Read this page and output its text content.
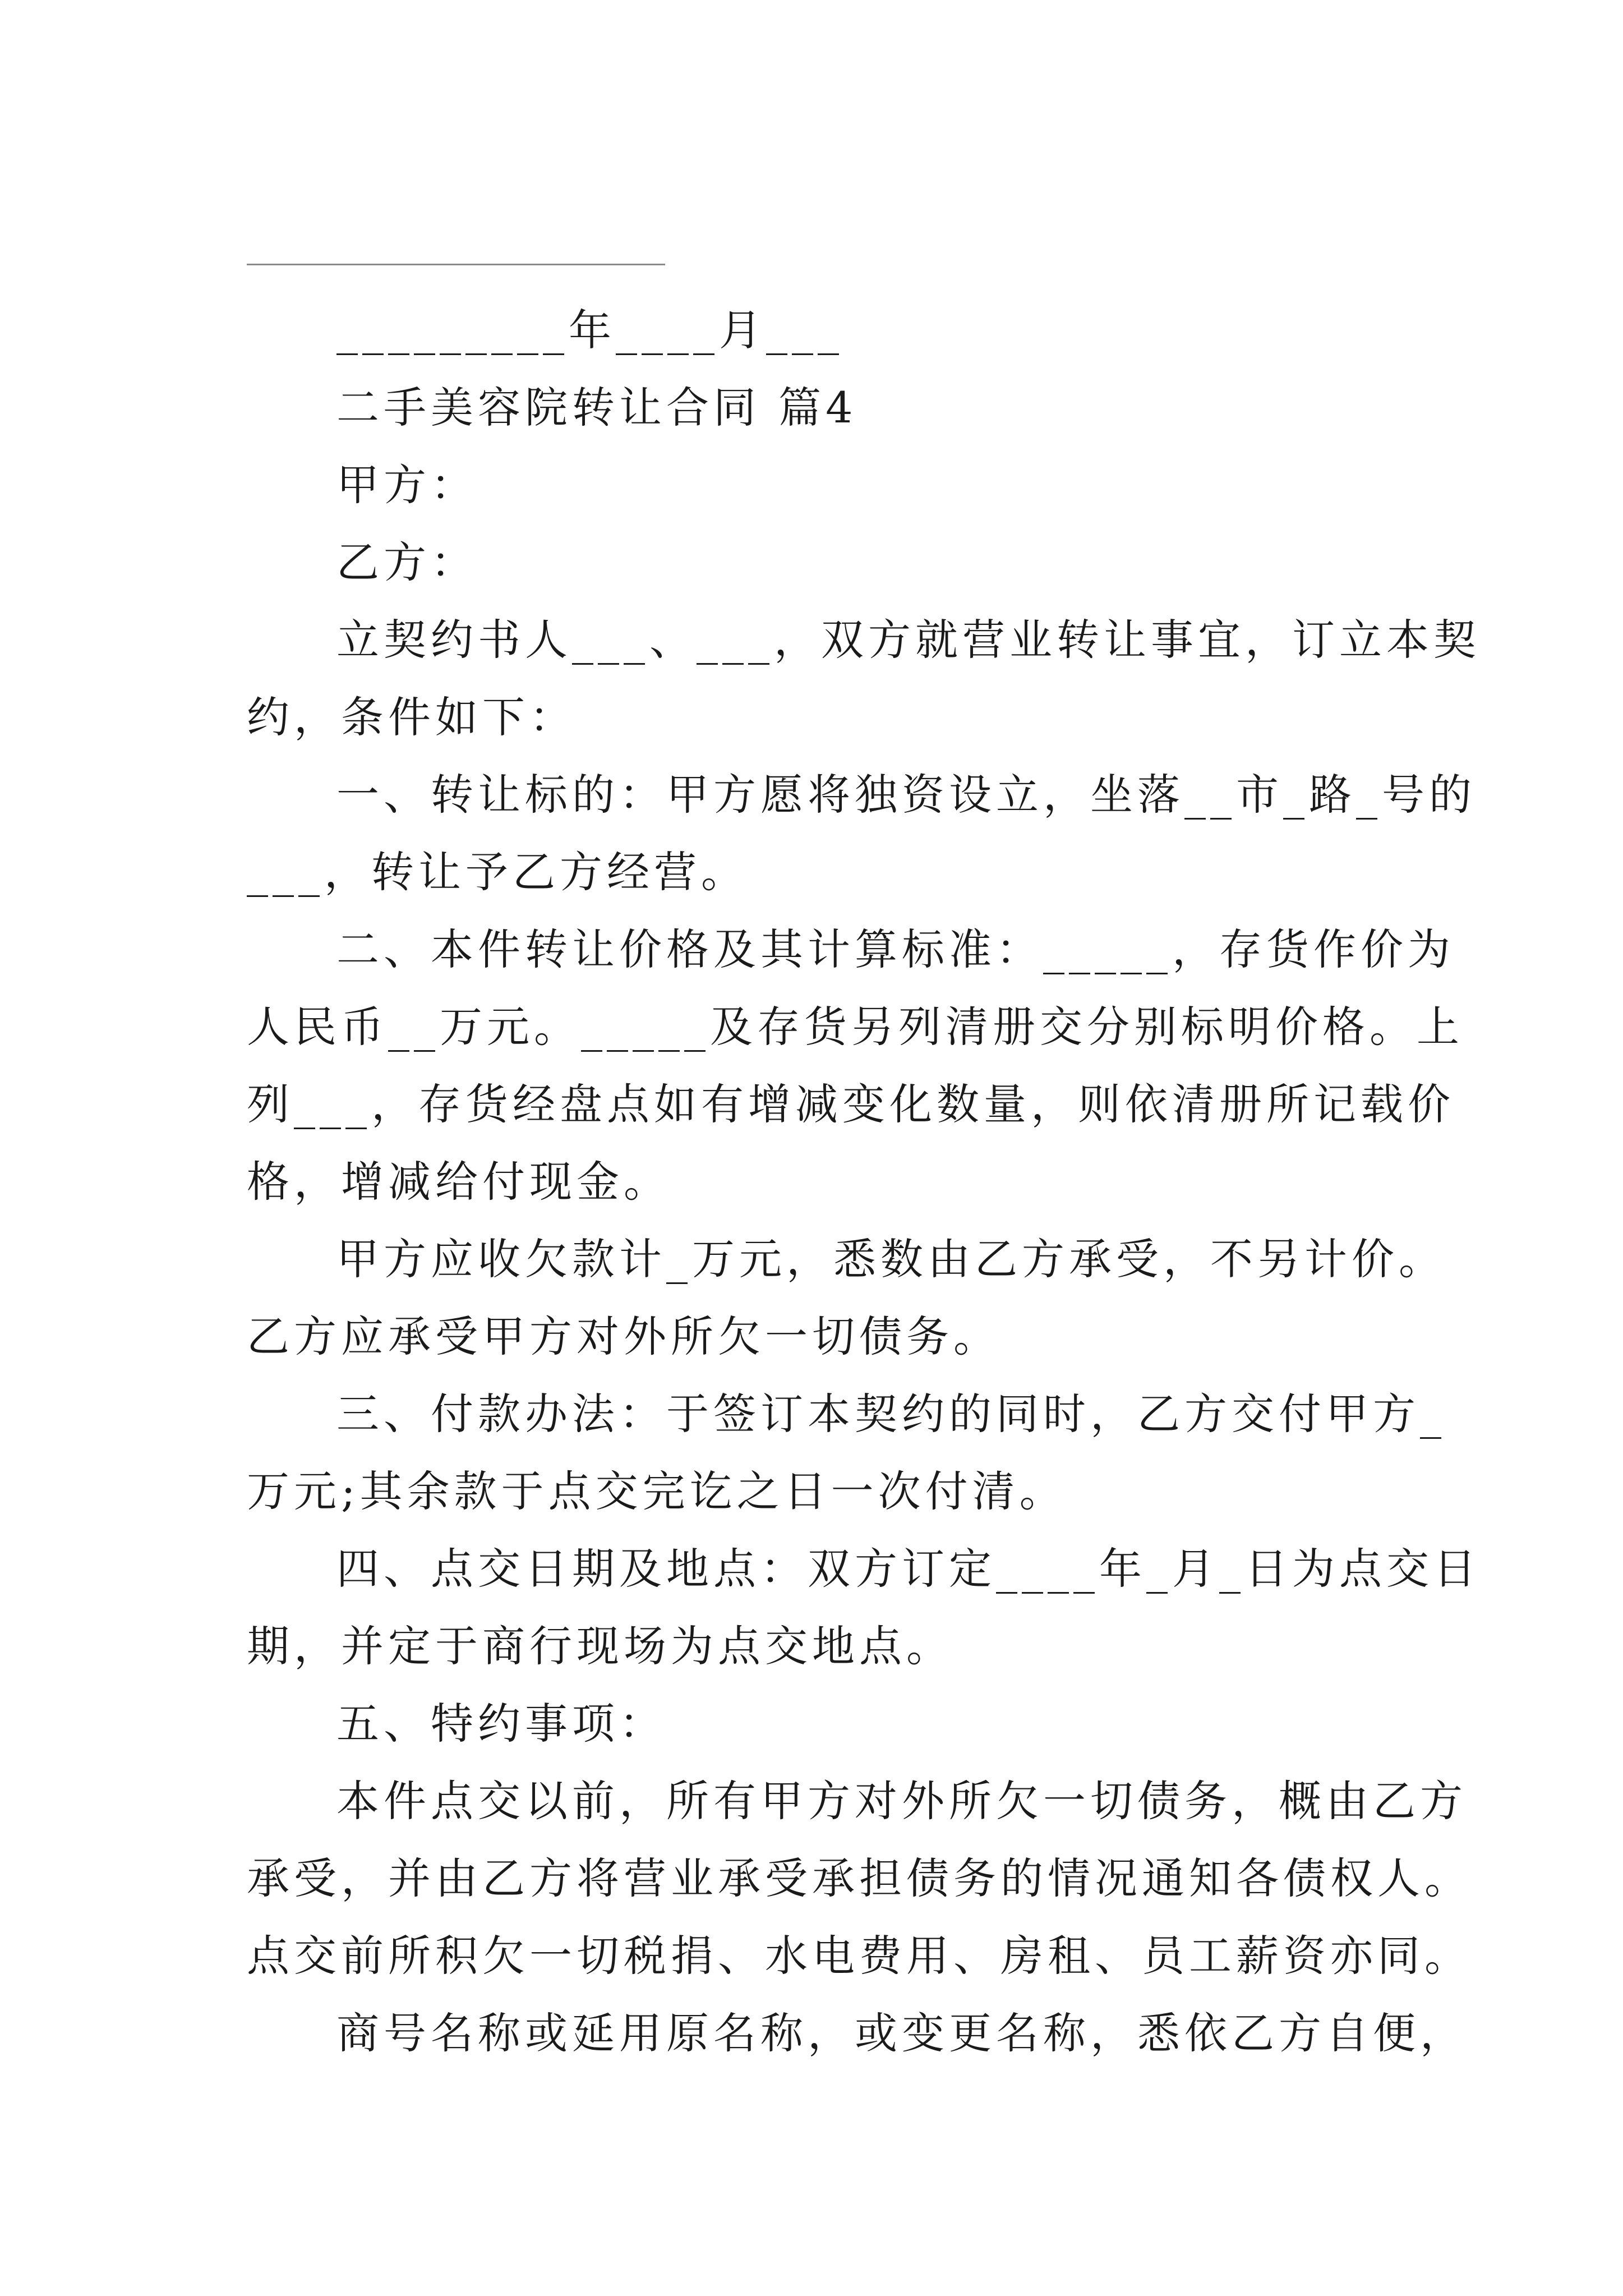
_________年____月___
二手美容院转让合同 篇4
甲方：
乙方：
立契约书人___、___，双方就营业转让事宜，订立本契
约，条件如下：
一、转让标的：甲方愿将独资设立，坐落__市_路_号的
___，转让予乙方经营。
二、本件转让价格及其计算标准：_____，存货作价为
人民币__万元。_____及存货另列清册交分别标明价格。上
列___，存货经盘点如有增减变化数量，则依清册所记载价
格，增减给付现金。
甲方应收欠款计_万元，悉数由乙方承受，不另计价。
乙方应承受甲方对外所欠一切债务。
三、付款办法：于签订本契约的同时，乙方交付甲方_
万元;其余款于点交完讫之日一次付清。
四、点交日期及地点：双方订定____年_月_日为点交日
期，并定于商行现场为点交地点。
五、特约事项：
本件点交以前，所有甲方对外所欠一切债务，概由乙方
承受，并由乙方将营业承受承担债务的情况通知各债权人。
点交前所积欠一切税捐、水电费用、房租、员工薪资亦同。
商号名称或延用原名称，或变更名称，悉依乙方自便，
